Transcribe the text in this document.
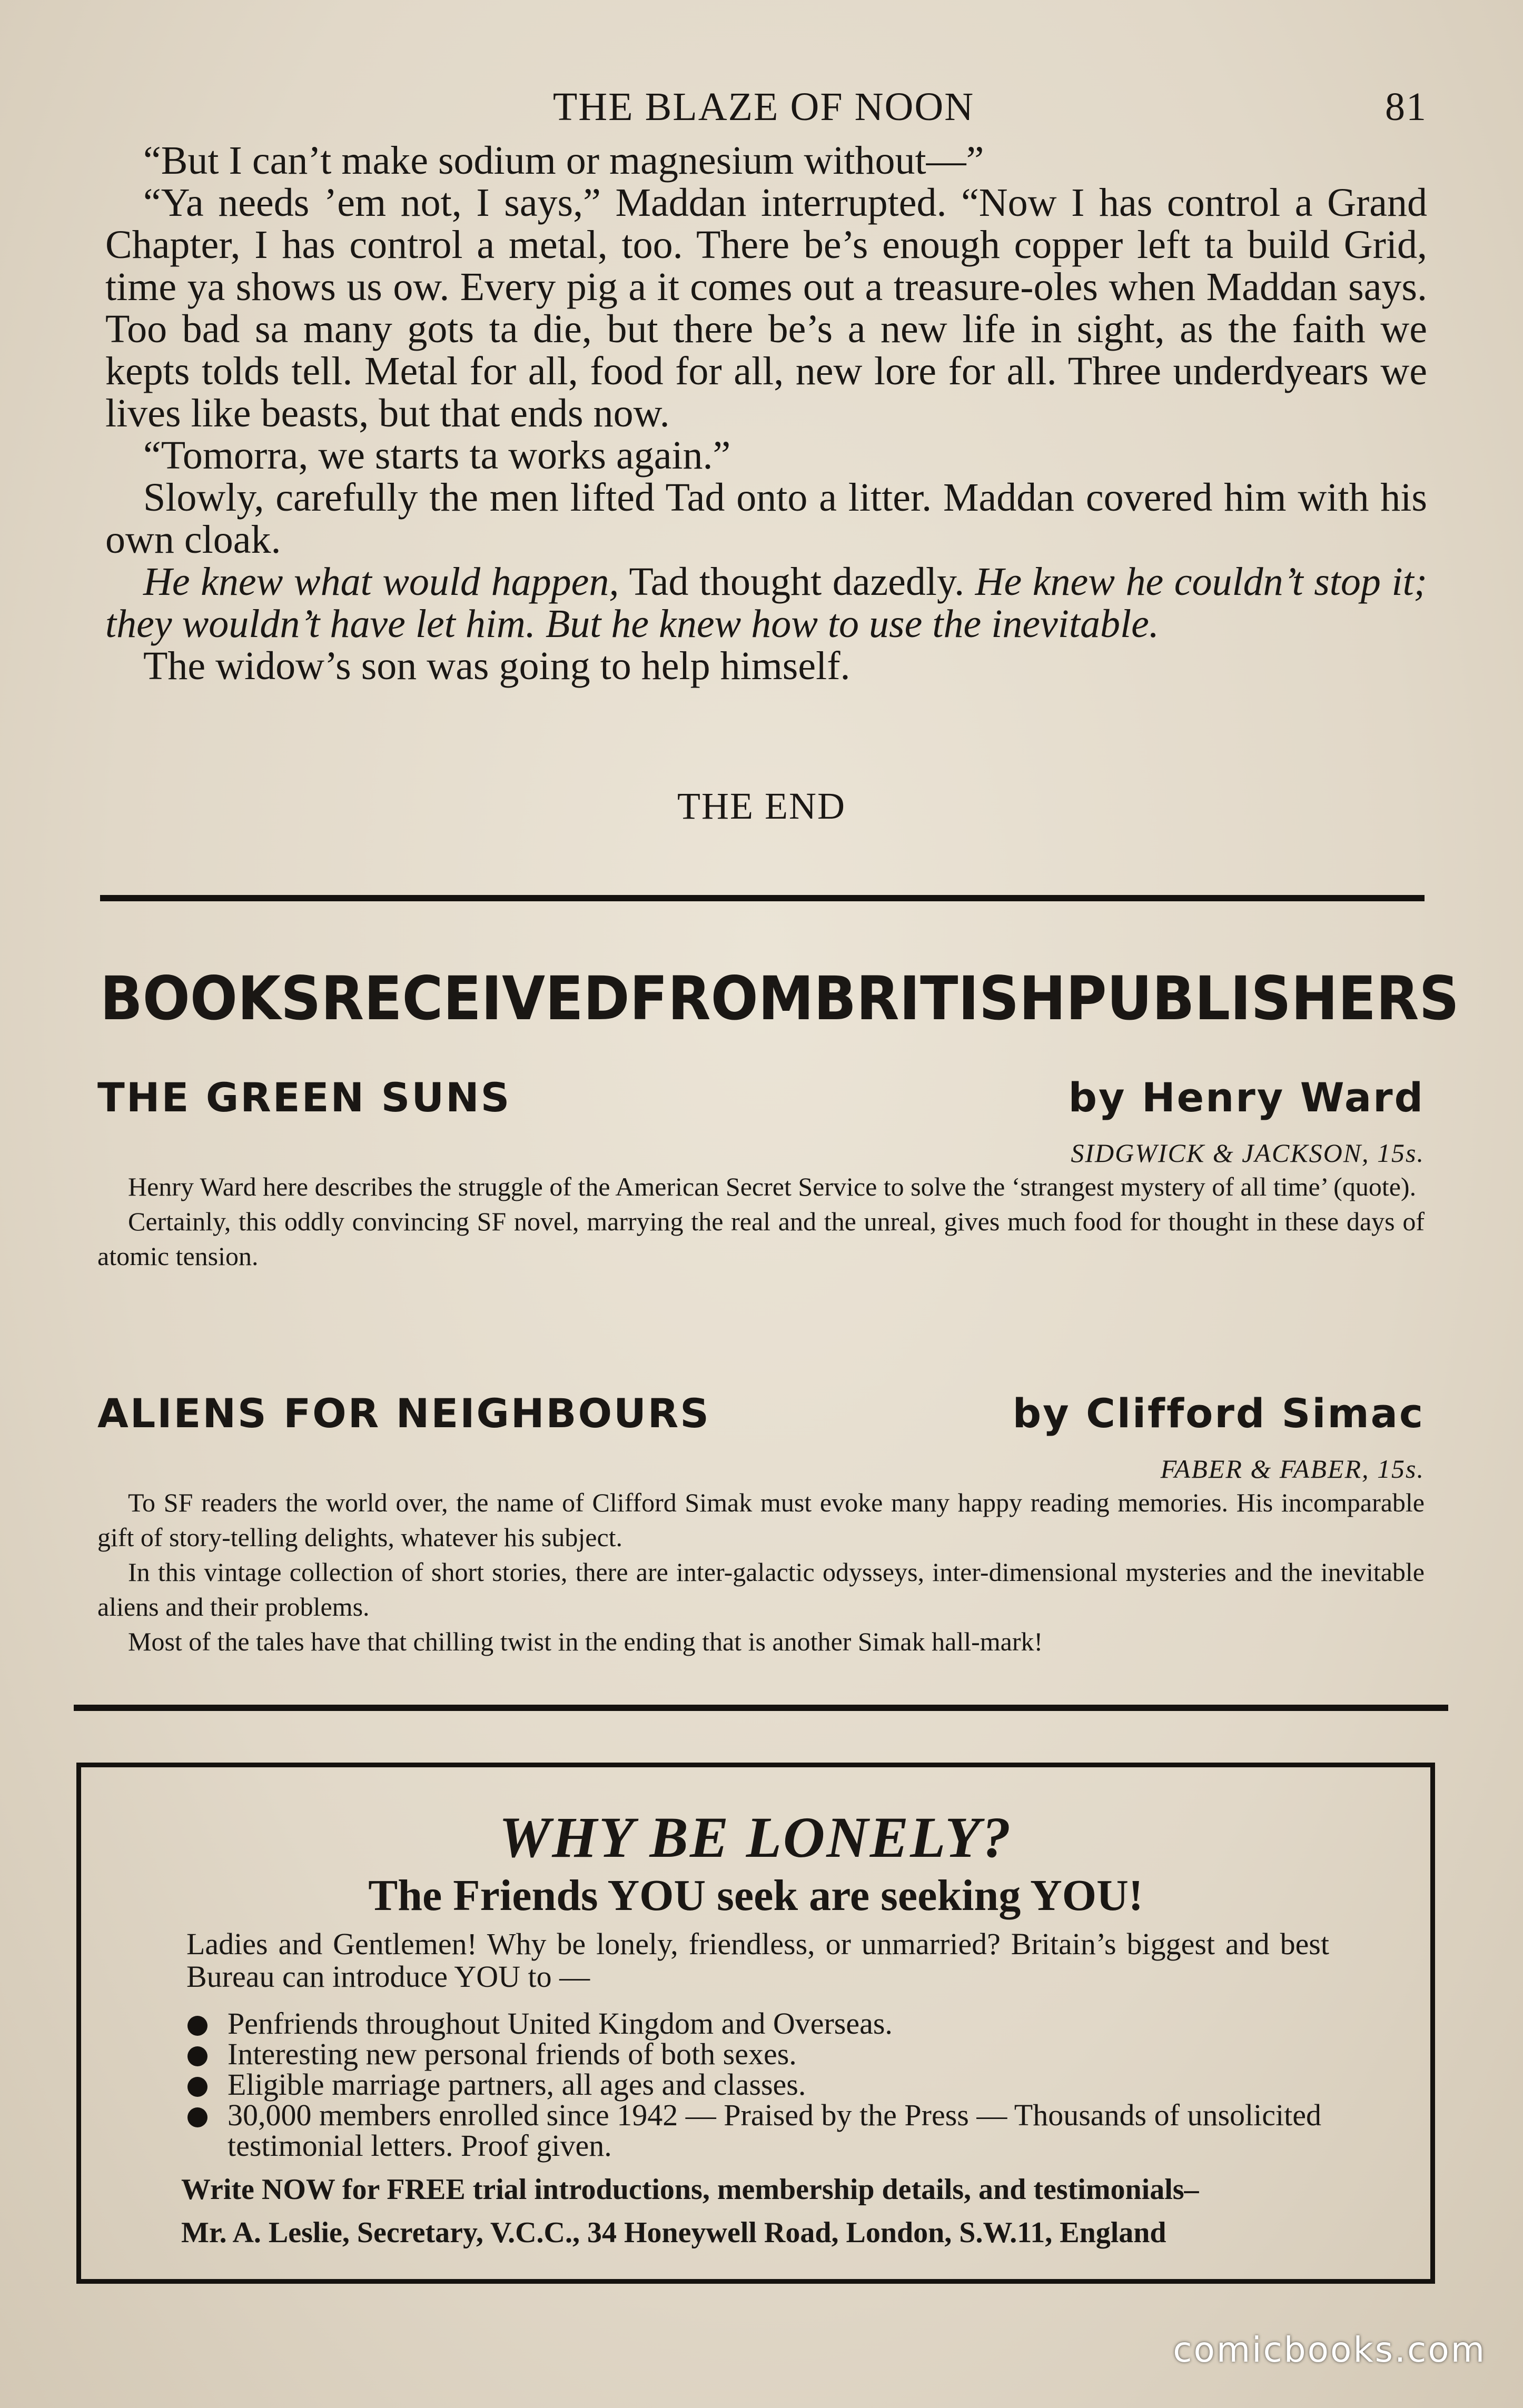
THE BLAZE OF NOON	81

“But I can’t make sodium or magnesium without—”

“Ya needs ’em not, I says,” Maddan interrupted. “Now I has control a Grand Chapter, I has control a metal, too. There be’s enough copper left ta build Grid, time ya shows us ow. Every pig a it comes out a treasure-oles when Maddan says. Too bad sa many gots ta die, but there be’s a new life in sight, as the faith we kepts tolds tell. Metal for all, food for all, new lore for all. Three underdyears we lives like beasts, but that ends now.

“Tomorra, we starts ta works again.”

Slowly, carefully the men lifted Tad onto a litter. Maddan covered him with his own cloak.

He knew what would happen, Tad thought dazedly. He knew he couldn’t stop it; they wouldn’t have let him. But he knew how to use the inevitable.

The widow’s son was going to help himself.

THE END
BOOKS RECEIVED FROM BRITISH PUBLISHERS
THE GREEN SUNS	by Henry Ward
SIDGWICK & JACKSON, 15s.

Henry Ward here describes the struggle of the American Secret Service to solve the ‘strangest mystery of all time’ (quote).

Certainly, this oddly convincing SF novel, marrying the real and the unreal, gives much food for thought in these days of atomic tension.

ALIENS FOR NEIGHBOURS	by Clifford Simac
FABER & FABER, 15s.

To SF readers the world over, the name of Clifford Simak must evoke many happy reading memories. His incomparable gift of story-telling delights, whatever his subject.

In this vintage collection of short stories, there are inter-galactic odysseys, inter-dimensional mysteries and the inevitable aliens and their problems.

Most of the tales have that chilling twist in the ending that is another Simak hall-mark!

WHY BE LONELY?
The Friends YOU seek are seeking YOU!
Ladies and Gentlemen! Why be lonely, friendless, or unmarried? Britain’s biggest and best Bureau can introduce YOU to —
Penfriends throughout United Kingdom and Overseas.
Interesting new personal friends of both sexes.
Eligible marriage partners, all ages and classes.
30,000 members enrolled since 1942 — Praised by the Press — Thousands of unsolicited testimonial letters. Proof given.
Write NOW for FREE trial introductions, membership details, and testimonials–
Mr. A. Leslie, Secretary, V.C.C., 34 Honeywell Road, London, S.W.11, England
comicbooks.com
